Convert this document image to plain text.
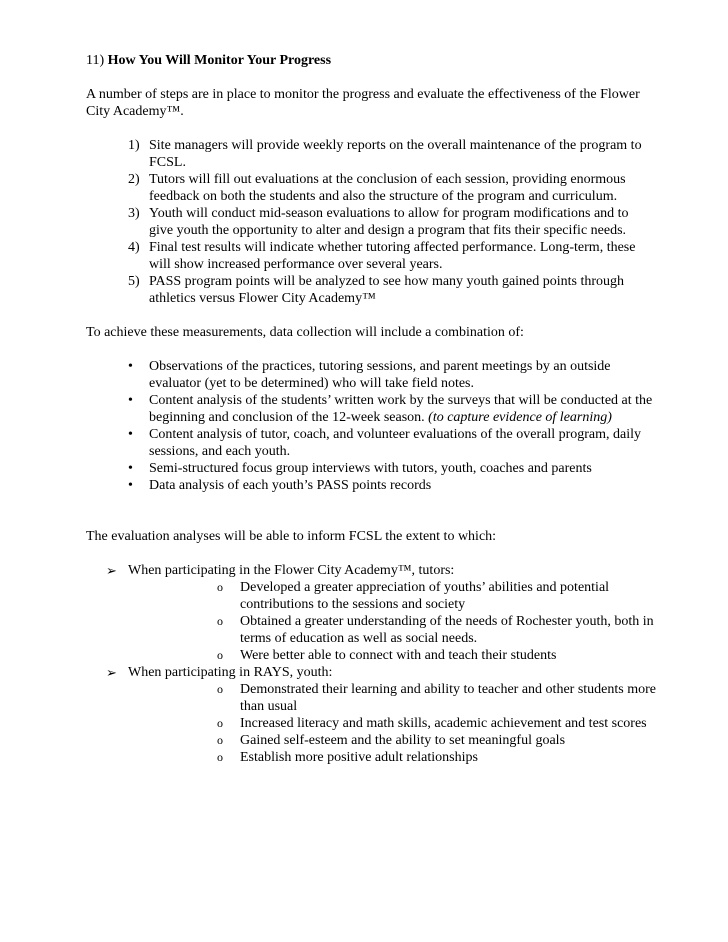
11) How You Will Monitor Your Progress

A number of steps are in place to monitor the progress and evaluate the effectiveness of the Flower City Academy™.

1) Site managers will provide weekly reports on the overall maintenance of the program to FCSL.
2) Tutors will fill out evaluations at the conclusion of each session, providing enormous feedback on both the students and also the structure of the program and curriculum.
3) Youth will conduct mid-season evaluations to allow for program modifications and to give youth the opportunity to alter and design a program that fits their specific needs.
4) Final test results will indicate whether tutoring affected performance. Long-term, these will show increased performance over several years.
5) PASS program points will be analyzed to see how many youth gained points through athletics versus Flower City Academy™

To achieve these measurements, data collection will include a combination of:

• Observations of the practices, tutoring sessions, and parent meetings by an outside evaluator (yet to be determined) who will take field notes.
• Content analysis of the students’ written work by the surveys that will be conducted at the beginning and conclusion of the 12-week season. (to capture evidence of learning)
• Content analysis of tutor, coach, and volunteer evaluations of the overall program, daily sessions, and each youth.
• Semi-structured focus group interviews with tutors, youth, coaches and parents
• Data analysis of each youth’s PASS points records

The evaluation analyses will be able to inform FCSL the extent to which:

➢ When participating in the Flower City Academy™, tutors:
o Developed a greater appreciation of youths’ abilities and potential contributions to the sessions and society
o Obtained a greater understanding of the needs of Rochester youth, both in terms of education as well as social needs.
o Were better able to connect with and teach their students
➢ When participating in RAYS, youth:
o Demonstrated their learning and ability to teacher and other students more than usual
o Increased literacy and math skills, academic achievement and test scores
o Gained self-esteem and the ability to set meaningful goals
o Establish more positive adult relationships
